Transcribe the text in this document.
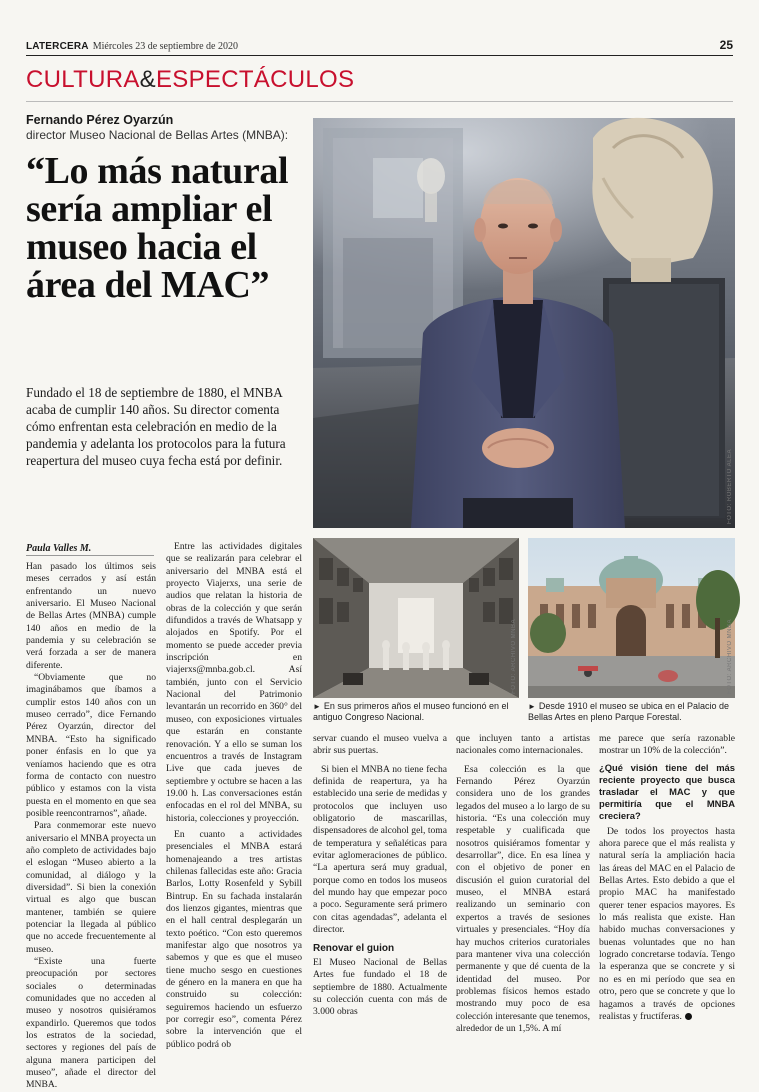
LATERCERA Miércoles 23 de septiembre de 2020	25
CULTURA&ESPECTÁCULOS
Fernando Pérez Oyarzún
director Museo Nacional de Bellas Artes (MNBA):
“Lo más natural sería ampliar el museo hacia el área del MAC”

Fundado el 18 de septiembre de 1880, el MNBA acaba de cumplir 140 años. Su director comenta cómo enfrentan esta celebración en medio de la pandemia y adelanta los protocolos para la futura reapertura del museo cuya fecha está por definir.	FOTO: ROBERTO ALEA
Paula Valles M.

Han pasado los últimos seis meses cerrados y así están enfrentando un nuevo aniversario. El Museo Nacional de Bellas Artes (MNBA) cumple 140 años en medio de la pandemia y su celebración se verá forzada a ser de manera diferente.

“Obviamente que no imaginábamos que íbamos a cumplir estos 140 años con un museo cerrado”, dice Fernando Pérez Oyarzún, director del MNBA. “Esto ha significado poner énfasis en lo que ya veníamos haciendo que es otra forma de contacto con nuestro público y estamos con la vista puesta en el momento en que sea posible reencontrarnos”, añade.

Para conmemorar este nuevo aniversario el MNBA proyecta un año completo de actividades bajo el eslogan “Museo abierto a la comunidad, al diálogo y la diversidad”. Si bien la conexión virtual es algo que buscan mantener, también se quiere potenciar la llegada al público que no accede frecuentemente al museo.

“Existe una fuerte preocupación por sectores sociales o determinadas comunidades que no acceden al museo y nosotros quisiéramos expandirlo. Queremos que todos los estratos de la sociedad, sectores y regiones del país de alguna manera participen del museo”, añade el director del MNBA.

Entre las actividades digitales que se realizarán para celebrar el aniversario del MNBA está el proyecto Viajerxs, una serie de audios que relatan la historia de obras de la colección y que serán difundidos a través de Whatsapp y alojados en Spotify. Por el momento se puede acceder previa inscripción en viajerxs@mnba.gob.cl. Así también, junto con el Servicio Nacional del Patrimonio levantarán un recorrido en 360° del museo, con exposiciones virtuales que estarán en constante renovación. Y a ello se suman los encuentros a través de Instagram Live que cada jueves de septiembre y octubre se hacen a las 19.00 h. Las conversaciones están enfocadas en el rol del MNBA, su historia, colecciones y proyección.

En cuanto a actividades presenciales el MNBA estará homenajeando a tres artistas chilenas fallecidas este año: Gracia Barlos, Lotty Rosenfeld y Sybill Bintrup. En su fachada instalarán dos lienzos gigantes, mientras que en el hall central desplegarán un texto poético. “Con esto queremos manifestar algo que nosotros ya sabemos y que es que el museo tiene mucho sesgo en cuestiones de género en la manera en que ha construido su colección: seguiremos haciendo un esfuerzo por corregir eso”, comenta Pérez sobre la intervención que el público podrá ob

FOTO: ARCHIVO MNBA	FOTO: ARCHIVO MNBA
► En sus primeros años el museo funcionó en el antiguo Congreso Nacional.
► Desde 1910 el museo se ubica en el Palacio de Bellas Artes en pleno Parque Forestal.

servar cuando el museo vuelva a abrir sus puertas.

Si bien el MNBA no tiene fecha definida de reapertura, ya ha establecido una serie de medidas y protocolos que incluyen uso obligatorio de mascarillas, dispensadores de alcohol gel, toma de temperatura y señaléticas para evitar aglomeraciones de público. “La apertura será muy gradual, porque como en todos los museos del mundo hay que empezar poco a poco. Seguramente será primero con citas agendadas”, adelanta el director.

Renovar el guion

El Museo Nacional de Bellas Artes fue fundado el 18 de septiembre de 1880. Actualmente su colección cuenta con más de 3.000 obras

que incluyen tanto a artistas nacionales como internacionales.

Esa colección es la que Fernando Pérez Oyarzún considera uno de los grandes legados del museo a lo largo de su historia. “Es una colección muy respetable y cualificada que nosotros quisiéramos fomentar y desarrollar”, dice. En esa línea y con el objetivo de poner en discusión el guion curatorial del museo, el MNBA estará realizando un seminario con expertos a través de sesiones virtuales y presenciales. “Hoy día hay muchos criterios curatoriales para mantener viva una colección permanente y que dé cuenta de la identidad del museo. Por problemas físicos hemos estado mostrando muy poco de esa colección interesante que tenemos, alrededor de un 1,5%. A mí

me parece que sería razonable mostrar un 10% de la colección”.

¿Qué visión tiene del más reciente proyecto que busca trasladar el MAC y que permitiría que el MNBA creciera?

De todos los proyectos hasta ahora parece que el más realista y natural sería la ampliación hacia las áreas del MAC en el Palacio de Bellas Artes. Esto debido a que el propio MAC ha manifestado querer tener espacios mayores. Es lo más realista que existe. Han habido muchas conversaciones y buenas voluntades que no han logrado concretarse todavía. Tengo la esperanza que se concrete y si no es en mi período que sea en otro, pero que se concrete y que lo hagamos a través de opciones realistas y fructíferas.
